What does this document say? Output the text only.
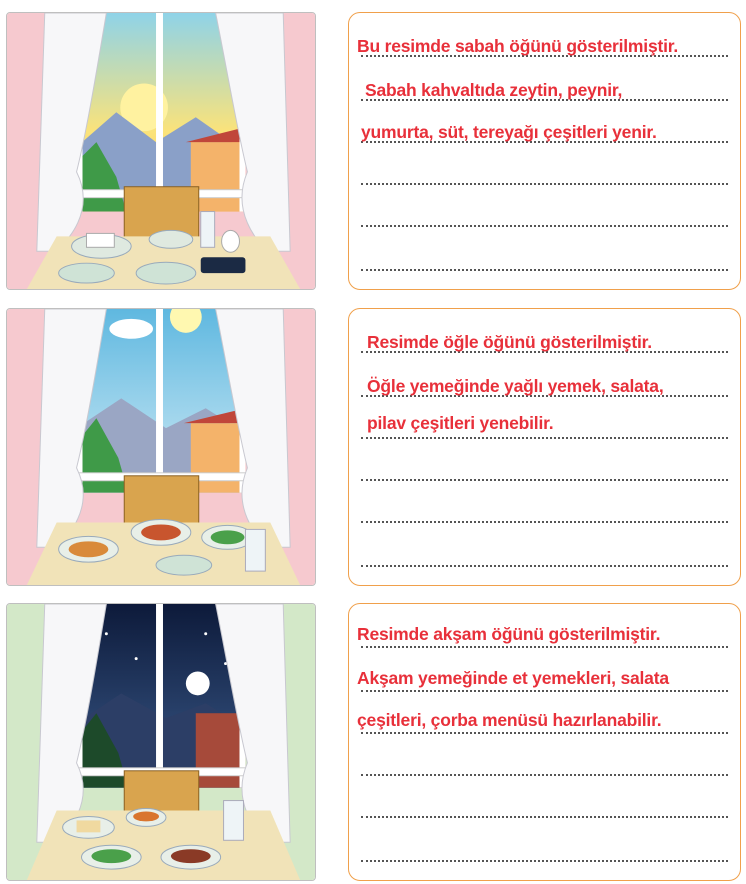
Bu resimde sabah öğünü gösterilmiştir.
Sabah kahvaltıda zeytin, peynir,
yumurta, süt, tereyağı çeşitleri yenir.
Resimde öğle öğünü gösterilmiştir.
Öğle yemeğinde yağlı yemek, salata,
pilav çeşitleri yenebilir.
Resimde akşam öğünü gösterilmiştir.
Akşam yemeğinde et yemekleri, salata
çeşitleri, çorba menüsü hazırlanabilir.
